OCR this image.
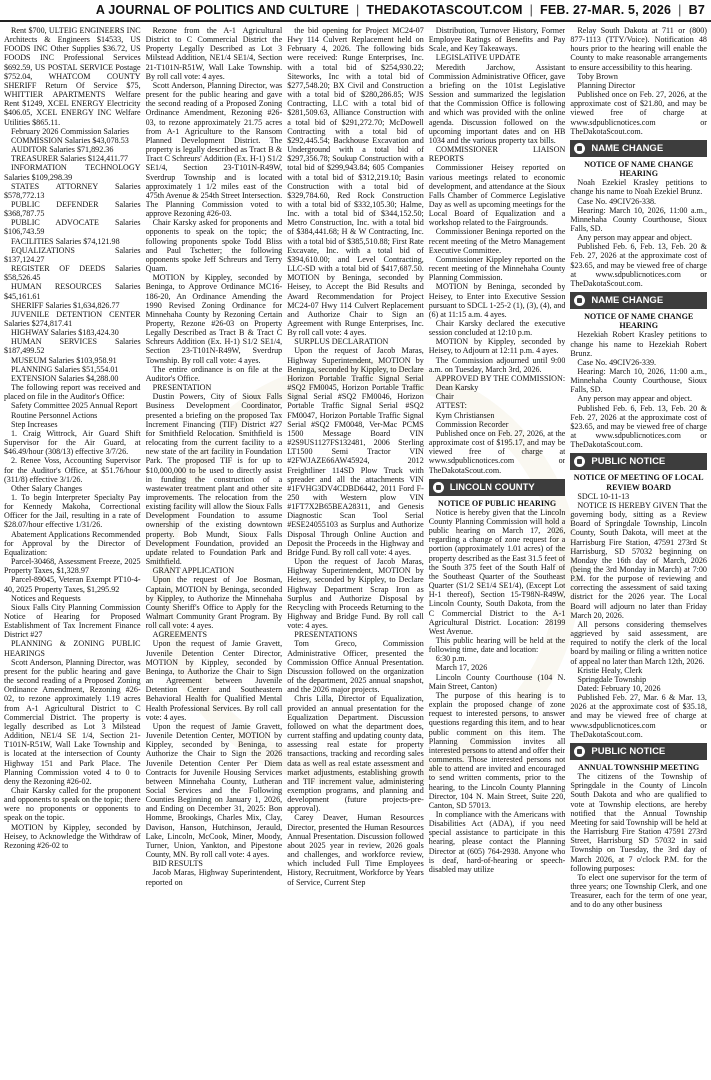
A JOURNAL OF POLITICS AND CULTURE | THEDAKOTASCOUT.COM | FEB. 27-MAR. 5, 2026 | B7

Rent $700, ULTEIG ENGINEERS INC Architects & Engineers $14533, US FOODS INC Other Supplies $36.72, US FOODS INC Professional Services $692.59, US POSTAL SERVICE Postage $752.04, WHATCOM COUNTY SHERIFF Return Of Service $75, WHITTIER APARTMENTS Welfare Rent $1249, XCEL ENERGY Electricity $406.05, XCEL ENERGY INC Welfare Utilities $865.11.

February 2026 Commission Salaries

COMMISSION Salaries $43,078.53

AUDITOR Salaries $71,892.36

TREASURER Salaries $124,411.77

INFORMATION TECHNOLOGY Salaries $109,298.39

STATES ATTORNEY Salaries $578,772.13

PUBLIC DEFENDER Salaries $368,787.75

PUBLIC ADVOCATE Salaries $106,743.59

FACILITIES Salaries $74,121.98

EQUALIZATIONS Salaries $137,124.27

REGISTER OF DEEDS Salaries $58,526.45

HUMAN RESOURCES Salaries $45,161.61

SHERIFF Salaries $1,634,826.77

JUVENILE DETENTION CENTER Salaries $274,817.41

HIGHWAY Salaries $183,424.30

HUMAN SERVICES Salaries $187,499.52

MUSEUM Salaries $103,958.91

PLANNING Salaries $51,554.01

EXTENSION Salaries $4,288.00

The following report was received and placed on file in the Auditor's Office:

Safety Committee 2025 Annual Report

Routine Personnel Actions

Step Increases

1. Craig Wittrock, Air Guard Shift Supervisor for the Air Guard, at $46.49/hour (308/13) effective 3/7/26.

2. Renee Voss, Accounting Supervisor for the Auditor's Office, at $51.76/hour (311/8) effective 3/1/26.

Other Salary Changes

1. To begin Interpreter Specialty Pay for Kennedy Makoha, Correctional Officer for the Jail, resulting in a rate of $28.07/hour effective 1/31/26.

Abatement Applications Recommended for Approval by the Director of Equalization:

Parcel-30468, Assessment Freeze, 2025 Property Taxes, $1,328.97

Parcel-89045, Veteran Exempt PT10-4-40, 2025 Property Taxes, $1,295.92

Notices and Requests

Sioux Falls City Planning Commission Notice of Hearing for Proposed Establishment of Tax Increment Finance District #27

PLANNING & ZONING PUBLIC HEARINGS

Scott Anderson, Planning Director, was present for the public hearing and gave the second reading of a Proposed Zoning Ordinance Amendment, Rezoning #26-02, to rezone approximately 1.19 acres from A-1 Agricultural District to C Commercial District. The property is legally described as Lot 3 Milstead Addition, NE1/4 SE 1/4, Section 21-T101N-R51W, Wall Lake Township and is located at the intersection of County Highway 151 and Park Place. The Planning Commission voted 4 to 0 to deny the Rezoning #26-02.

Chair Karsky called for the proponent and opponents to speak on the topic; there were no proponents or opponents to speak on the topic.

MOTION by Kippley, seconded by Heisey, to Acknowledge the Withdraw of Rezoning #26-02 to

Rezone from the A-1 Agricultural District to C Commercial District the Property Legally Described as Lot 3 Milstead Addition, NE1/4 SE1/4, Section 21-T101N-R51W, Wall Lake Township. By roll call vote: 4 ayes.

Scott Anderson, Planning Director, was present for the public hearing and gave the second reading of a Proposed Zoning Ordinance Amendment, Rezoning #26-03, to rezone approximately 21.75 acres from A-1 Agriculture to the Ransom Planned Development District. The property is legally described as Tract B & Tract C Schreurs' Addition (Ex. H-1) S1/2 SE1/4, Section 23-T101N-R49W, Sverdrup Township and is located approximately 1 1/2 miles east of the 475th Avenue & 254th Street Intersection. The Planning Commission voted to approve Rezoning #26-03.

Chair Karsky asked for proponents and opponents to speak on the topic; the following proponents spoke Todd Bliss and Paul Tschetter; the following opponents spoke Jeff Schreurs and Terry Quam.

MOTION by Kippley, seconded by Beninga, to Approve Ordinance MC16-186-20, An Ordinance Amending the 1990 Revised Zoning Ordinance for Minnehaha County by Rezoning Certain Property, Rezone #26-03 on Property Legally Described as Tract B & Tract C Schreurs Addition (Ex. H-1) S1/2 SE1/4, Section 23-T101N-R49W, Sverdrup Township. By roll call vote: 4 ayes.

The entire ordinance is on file at the Auditor's Office.

PRESENTATION

Dustin Powers, City of Sioux Falls Business Development Coordinator, presented a briefing on the proposed Tax Increment Financing (TIF) District #27 for Smithfield Relocation. Smithfield is relocating from the current facility to a new state of the art facility in Foundation Park. The proposed TIF is for up to $10,000,000 to be used to directly assist in funding the construction of a wastewater treatment plant and other site improvements. The relocation from the existing facility will allow the Sioux Falls Development Foundation to assume ownership of the existing downtown property. Bob Mundt, Sioux Falls Development Foundation, provided an update related to Foundation Park and Smithfield.

GRANT APPLICATION

Upon the request of Joe Bosman, Captain, MOTION by Beninga, seconded by Kippley, to Authorize the Minnehaha County Sheriff's Office to Apply for the Walmart Community Grant Program. By roll call vote: 4 ayes.

AGREEMENTS

Upon the request of Jamie Gravett, Juvenile Detention Center Director, MOTION by Kippley, seconded by Beninga, to Authorize the Chair to Sign an Agreement between Juvenile Detention Center and Southeastern Behavioral Health for Qualified Mental Health Professional Services. By roll call vote: 4 ayes.

Upon the request of Jamie Gravett, Juvenile Detention Center, MOTION by Kippley, seconded by Beninga, to Authorize the Chair to Sign the 2026 Juvenile Detention Center Per Diem Contracts for Juvenile Housing Services between Minnehaha County, Lutheran Social Services and the Following Counties Beginning on January 1, 2026, and Ending on December 31, 2025: Bon Homme, Brookings, Charles Mix, Clay, Davison, Hanson, Hutchinson, Jerauld, Lake, Lincoln, McCook, Miner, Moody, Turner, Union, Yankton, and Pipestone County, MN. By roll call vote: 4 ayes.

BID RESULTS

Jacob Maras, Highway Superintendent, reported on

the bid opening for Project MC24-07 Hwy 114 Culvert Replacement held on February 4, 2026. The following bids were received: Runge Enterprises, Inc. with a total bid of $254,930.22; Siteworks, Inc with a total bid of $277,548.20; BX Civil and Construction with a total bid of $280,286.85; WJS Contracting, LLC with a total bid of $281,509.63, Alliance Construction with a total bid of $291,272.70; McDowell Contracting with a total bid of $292,445.54; Backhouse Excavation and Underground with a total bid of $297,356.78; Soukup Construction with a total bid of $299,943.84; 605 Companies with a total bid of $312,219.10; Basin Construction with a total bid of $329,784.60, Red Rock Construction with a total bid of $332,105.30; Halme, Inc. with a total bid of $344,152.50; Metro Construction, Inc. with a total bid of $384,441.68; H & W Contracting, Inc. with a total bid of $385,510.88; First Rate Excavate, Inc. with a total bid of $394,610.00; and Level Contracting, LLC-SD with a total bid of $417,687.50. MOTION by Beninga, seconded by Heisey, to Accept the Bid Results and Award Recommendation for Project MC24-07 Hwy 114 Culvert Replacement and Authorize Chair to Sign an Agreement with Runge Enterprises, Inc. By roll call vote: 4 ayes.

SURPLUS DECLARATION

Upon the request of Jacob Maras, Highway Superintendent, MOTION by Beninga, seconded by Kippley, to Declare Horizon Portable Traffic Signal Serial #SQ2 FM0045, Horizon Portable Traffic Signal Serial #SQ2 FM0046, Horizon Portable Traffic Signal Serial #SQ2 FM0047, Horizon Portable Traffic Signal Serial #SQ2 FM0048, Ver-Mac PCMS 1500 Message Board VIN #2S9US1127FS132481, 2006 Sterling LT1500 Semi Tractor VIN #2FWJAZE66AW45924, 2012 Freightliner 114SD Plow Truck with spreader and all the attachments VIN #1FVHG3DV4CDBD6442, 2011 Ford F-250 with Western plow VIN #1FT7X2B65BEA28311, and Genesis Diagnostic Scan Tool Serial #ESE24055103 as Surplus and Authorize Disposal Through Online Auction and Deposit the Proceeds in the Highway and Bridge Fund. By roll call vote: 4 ayes.

Upon the request of Jacob Maras, Highway Superintendent, MOTION by Heisey, seconded by Kippley, to Declare Highway Department Scrap Iron as Surplus and Authorize Disposal by Recycling with Proceeds Returning to the Highway and Bridge Fund. By roll call vote: 4 ayes.

PRESENTATIONS

Tom Greco, Commission Administrative Officer, presented the Commission Office Annual Presentation. Discussion followed on the organization of the department, 2025 annual snapshot, and the 2026 major projects.

Chris Lilla, Director of Equalization, provided an annual presentation for the Equalization Department. Discussion followed on what the department does, current staffing and updating county data, assessing real estate for property transactions, tracking and recording sales data as well as real estate assessment and market adjustments, establishing growth and TIF increment value, administering exemption programs, and planning and development (future projects-pre-approval).

Carey Deaver, Human Resources Director, presented the Human Resources Annual Presentation. Discussion followed about 2025 year in review, 2026 goals and challenges, and workforce review, which included Full Time Employees History, Recruitment, Workforce by Years of Service, Current Step

Distribution, Turnover History, Former Employee Ratings of Benefits and Pay Scale, and Key Takeaways.

LEGISLATIVE UPDATE

Meredith Jarchow, Assistant Commission Administrative Officer, gave a briefing on the 101st Legislative Session and summarized the legislation that the Commission Office is following and which was provided with the online agenda. Discussion followed on the upcoming important dates and on HB 1034 and the various property tax bills.

COMMISSIONER LIAISON REPORTS

Commissioner Heisey reported on various meetings related to economic development, and attendance at the Sioux Falls Chamber of Commerce Legislative Day as well as upcoming meetings for the Local Board of Equalization and a workshop related to the Fairgrounds.

Commissioner Beninga reported on the recent meeting of the Metro Management Executive Committee.

Commissioner Kippley reported on the recent meeting of the Minnehaha County Planning Commission.

MOTION by Beninga, seconded by Heisey, to Enter into Executive Session pursuant to SDCL 1-25-2 (1), (3), (4), and (6) at 11:15 a.m. 4 ayes.

Chair Karsky declared the executive session concluded at 12:10 p.m.

MOTION by Kippley, seconded by Heisey, to Adjourn at 12:11 p.m. 4 ayes.

The Commission adjourned until 9:00 a.m. on Tuesday, March 3rd, 2026.

APPROVED BY THE COMMISSION:

Dean Karsky

Chair

ATTEST:

Kym Christiansen

Commission Recorder

Published once on Feb. 27, 2026, at the approximate cost of $195.17, and may be viewed free of charge at www.sdpublicnotices.com or TheDakotaScout.com.

LINCOLN COUNTY

NOTICE OF PUBLIC HEARING

Notice is hereby given that the Lincoln County Planning Commission will hold a public hearing on March 17, 2026, regarding a change of zone request for a portion (approximately 1.01 acres) of the property described as the East 31.5 feet of the South 375 feet of the South Half of the Southeast Quarter of the Southeast Quarter (S1/2 SE1/4 SE1/4), (Except Lot H-1 thereof), Section 15-T98N-R49W, Lincoln County, South Dakota, from the C Commercial District to the A-1 Agricultural District. Location: 28199 West Avenue.

This public hearing will be held at the following time, date and location:

6:30 p.m.

March 17, 2026

Lincoln County Courthouse (104 N. Main Street, Canton)

The purpose of this hearing is to explain the proposed change of zone request to interested persons, to answer questions regarding this item, and to hear public comment on this item. The Planning Commission invites all interested persons to attend and offer their comments. Those interested persons not able to attend are invited and encouraged to send written comments, prior to the hearing, to the Lincoln County Planning Director, 104 N. Main Street, Suite 220, Canton, SD 57013.

In compliance with the Americans with Disabilities Act (ADA), if you need special assistance to participate in this hearing, please contact the Planning Director at (605) 764-2938. Anyone who is deaf, hard-of-hearing or speech-disabled may utilize

Relay South Dakota at 711 or (800) 877-1113 (TTY/Voice). Notification 48 hours prior to the hearing will enable the County to make reasonable arrangements to ensure accessibility to this hearing.

Toby Brown

Planning Director

Published once on Feb. 27, 2026, at the approximate cost of $21.80, and may be viewed free of charge at www.sdpublicnotices.com or TheDakotaScout.com.

NAME CHANGE

NOTICE OF NAME CHANGE HEARING

Noah Ezekiel Krasley petitions to change his name to Noah Ezekiel Brunz.

Case No. 49CIV26-338.

Hearing: March 10, 2026, 11:00 a.m., Minnehaha County Courthouse, Sioux Falls, SD.

Any person may appear and object.

Published Feb. 6, Feb. 13, Feb. 20 & Feb. 27, 2026 at the approximate cost of $23.65, and may be viewed free of charge at www.sdpublicnotices.com or TheDakotaScout.com.

NAME CHANGE

NOTICE OF NAME CHANGE HEARING

Hezekiah Robert Krasley petitions to change his name to Hezekiah Robert Brunz.

Case No. 49CIV26-339.

Hearing: March 10, 2026, 11:00 a.m., Minnehaha County Courthouse, Sioux Falls, SD.

Any person may appear and object.

Published Feb. 6, Feb. 13, Feb. 20 & Feb. 27, 2026 at the approximate cost of $23.65, and may be viewed free of charge at www.sdpublicnotices.com or TheDakotaScout.com.

PUBLIC NOTICE

NOTICE OF MEETING OF LOCAL REVIEW BOARD

SDCL 10-11-13

NOTICE IS HEREBY GIVEN That the governing body, sitting as a Review Board of Springdale Township, Lincoln County, South Dakota, will meet at the Harrisburg Fire Station, 47591 273rd St Harrisburg, SD 57032 beginning on Monday the 16th day of March, 2026 (being the 3rd Monday in March) at 7:00 P.M. for the purpose of reviewing and correcting the assessment of said taxing district for the 2026 year. The Local Board will adjourn no later than Friday March 20, 2026.

All persons considering themselves aggrieved by said assessment, are required to notify the clerk of the local board by mailing or filing a written notice of appeal no later than March 12th, 2026.

Kristie Healy, Clerk

Springdale Township

Dated: February 10, 2026

Published Feb. 27, Mar. 6 & Mar. 13, 2026 at the approximate cost of $35.18, and may be viewed free of charge at www.sdpublicnotices.com or TheDakotaScout.com.

PUBLIC NOTICE

ANNUAL TOWNSHIP MEETING

The citizens of the Township of Springdale in the County of Lincoln South Dakota and who are qualified to vote at Township elections, are hereby notified that the Annual Township Meeting for said Township will be held at the Harrisburg Fire Station 47591 273rd Street, Harrisburg SD 57032 in said Township on Tuesday, the 3rd day of March 2026, at 7 o'clock P.M. for the following purposes:

To elect one supervisor for the term of three years; one Township Clerk, and one Treasurer, each for the term of one year, and to do any other business
